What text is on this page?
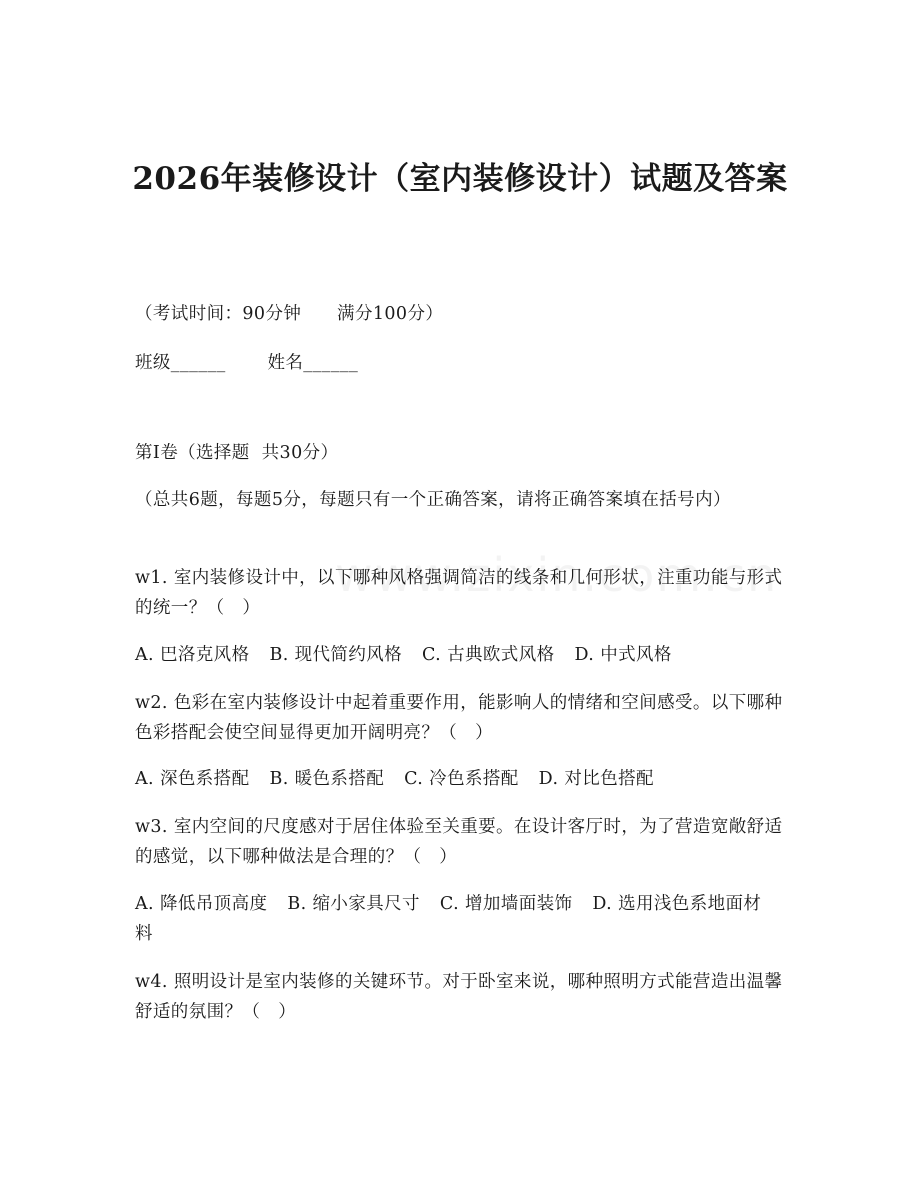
2026年装修设计（室内装修设计）试题及答案
（考试时间：90分钟      满分100分）
班级______       姓名______
第Ⅰ卷（选择题  共30分）
（总共6题，每题5分，每题只有一个正确答案，请将正确答案填在括号内）
w1. 室内装修设计中，以下哪种风格强调简洁的线条和几何形状，注重功能与形式的统一？（   ）
A. 巴洛克风格 B. 现代简约风格 C. 古典欧式风格 D. 中式风格
w2. 色彩在室内装修设计中起着重要作用，能影响人的情绪和空间感受。以下哪种色彩搭配会使空间显得更加开阔明亮？（   ）
A. 深色系搭配 B. 暖色系搭配 C. 冷色系搭配 D. 对比色搭配
w3. 室内空间的尺度感对于居住体验至关重要。在设计客厅时，为了营造宽敞舒适的感觉，以下哪种做法是合理的？（   ）
A. 降低吊顶高度 B. 缩小家具尺寸 C. 增加墙面装饰 D. 选用浅色系地面材料
w4. 照明设计是室内装修的关键环节。对于卧室来说，哪种照明方式能营造出温馨舒适的氛围？（   ）
